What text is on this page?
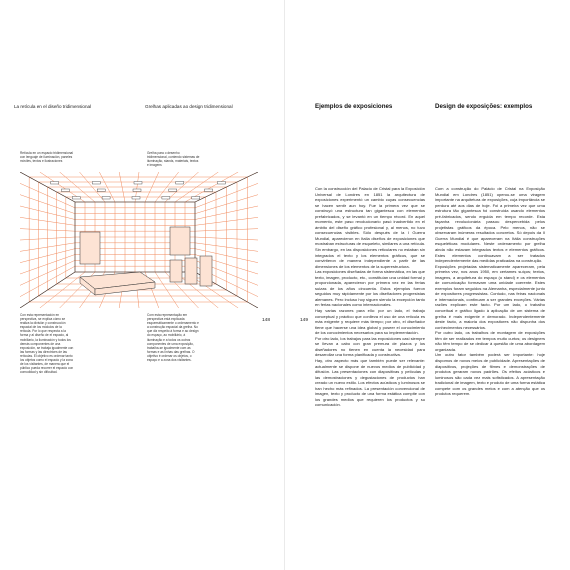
La retícula en el diseño tridimensional	Grelhas aplicadas ao design tridimensional
Retícula en un espacio tridimensional con lenguaje de iluminación, paneles móviles, textos e ilustraciones
Grelha para o desenho tridimensional, contendo sistemas de iluminação, stands, materiais, textos e imagens
148
Con esta representación en perspectiva, se explica cómo se realiza la división y construcción espacial de los módulos de la retícula. Por lo que respecta a la forma y al diseño de el espacio, al mobiliario, la iluminación y todos los demás componentes de una exposición, se trabaja igualmente con las formas y las directrices de las retículas. El objetivo es ordenar tanto los objetos como el espacio y la zona de los visitantes, de manera que el público pueda recorrer el espacio con comodidad y sin dificultad.
Com esta representação em perspectiva está explicada esquemáticamente o ordenamento e a construção espacial da grelha. No que diz respeito à forma e ao design do espaço, ao mobiliário, à iluminação e a todos os outros componentes de uma exposição, trabalha-se igualmente com as formas e as linhas das grelhas. O objetivo é ordenar os objetos, o espaço e a zona dos visitantes.
149
Ejemplos de exposiciones	Design de exposições: exemplos

Con la construcción del Palacio de Cristal para la Exposición Universal de Londres en 1851 la arquitectura de exposiciones experimentó un cambio cuyas consecuencias se hacen sentir aun hoy. Fue la primera vez que se construyó una estructura tan gigantesca con elementos prefabricados, y se levantó en un tiempo récord. En aquel momento, este paso revolucionario pasó inadvertido en el ámbito del diseño gráfico profesional y, al menos, no tuvo consecuencias visibles. Sólo después de la I Guerra Mundial, aparecieron en Italia diseños de exposiciones que mostraban estructuras de esqueleto, similares a una retícula. Sin embargo, en las disposiciones reticulares no estaban sin integrados el texto y los elementos gráficos, que se convirtieron de manera independiente a partir de las dimensiones de los elementos de la superestructura.

Las exposiciones diseñadas de forma sistemática, en las que texto, imagen, producto, etc., constituían una unidad formal y proporcionada, aparecieron por primera vez en las ferias suizas de los años cincuenta. Estos ejemplos fueron seguidos muy rápidamente por los diseñadores progresistas alemanes. Pero incluso hoy siguen siendo la excepción tanto en ferias nacionales como internacionales.

Hay varias razones para ello: por un lado, el trabajo conceptual y práctico que conlleva el uso de una retícula es más exigente y requiere más tiempo; por otro, el diseñador tiene que hacerse una idea global y poseer el conocimiento de los conocimientos necesarios para su implementación.

Por otro lado, los trabajos para las exposiciones casi siempre se llevan a cabo con gran premura de plazos y los diseñadores no tienen en cuenta la necesidad para desarrollar una forma planificada y constructiva.

Hay, otro aspecto más que también puede ser relevante: actualmente se dispone de nuevos medios de publicidad y difusión. Las presentaciones con diapositivas y películas y las demostraciones y degustaciones de productos han creado un nuevo estilo. Los efectos acústicos y luminosos se han hecho más refinados. La presentación convencional de imagen, texto y producto de una forma estática compite con los grandes medios que requieren los productos y su comunicación.

Com a construção do Palácio de Cristal na Exposição Mundial em Londres (1851) operou-se uma viragem importante na arquitetura de exposições, cuja importância se perdura até aos dias de hoje. Foi a primeira vez que uma estrutura tão gigantesca foi construída usando elementos pré-fabricados, sendo erguida em tempo recorde. Esta façanha revolucionária passou despercebida pelos projetistas gráficos da época. Pelo menos, não se observaram inúmeras resultados concretos. Só depois da II Guerra Mundial é que apareceram na Itália construções esqueléticas modulares. Neste ordenamento por grelha ainda não estavam integrados textos e elementos gráficos. Estes elementos continuavam a ser tratados independentemente das medidas praticadas na construção.

Exposições projetadas sistematicamente apareceram, pela primeira vez, nos anos 1950, em certames suíços; textos, imagens, a arquitetura do espaço (o stand) e os elementos de comunicação formavam uma unidade coerente. Estes exemplos foram seguidos na Alemanha, especialmente junto de expositores progressistas. Contudo, nas feiras nacionais e internacionais, continuam a ser grandes exceções. Várias razões explicam este facto. Por um lado, o trabalho conceitual e gráfico ligado à aplicação de um sistema de grelha é mais exigente e demorado. Independentemente deste facto, a maioria dos expositores não dispunha dos conhecimentos necessários.

Por outro lado, os trabalhos de montagem de exposições têm de ser realizados em tempos muito curtos; os designers não têm tempo de se dedicar à questão de uma abordagem organizada.

Um outro fator também poderá ser importante: hoje dispomos de novos meios de publicidade. Apresentações de diapositivos, projeções de filmes e demonstrações de produtos geraram novos padrões. Os efeitos acústicos e luminosos são cada vez mais sofisticados. A apresentação tradicional de imagem, texto e produto de uma forma estática compete com os grandes meios e com a atenção que os produtos requerem.
